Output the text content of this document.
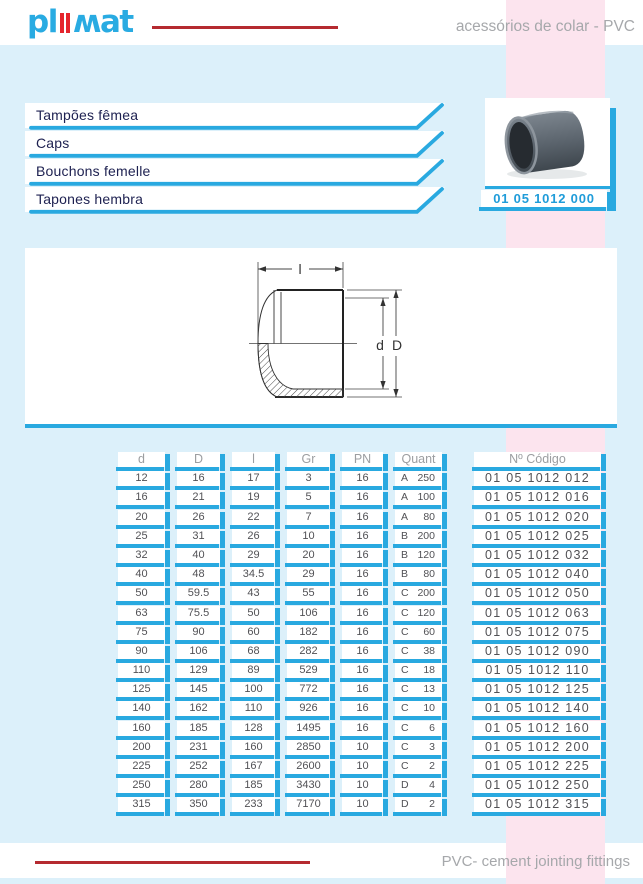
pl ʍat	acessórios de colar - PVC
Tampões fêmea
Caps
Bouchons femelle
Tapones hembra	01 05 1012 000
l
d D
d	D	l	Gr	PN	Quant	Nº Código
12	16	17	3	16	A 250	01 05 1012 012
16	21	19	5	16	A 100	01 05 1012 016
20	26	22	7	16	A 80	01 05 1012 020
25	31	26	10	16	B 200	01 05 1012 025
32	40	29	20	16	B 120	01 05 1012 032
40	48	34.5	29	16	B 80	01 05 1012 040
50	59.5	43	55	16	C 200	01 05 1012 050
63	75.5	50	106	16	C 120	01 05 1012 063
75	90	60	182	16	C 60	01 05 1012 075
90	106	68	282	16	C 38	01 05 1012 090
110	129	89	529	16	C 18	01 05 1012 110
125	145	100	772	16	C 13	01 05 1012 125
140	162	110	926	16	C 10	01 05 1012 140
160	185	128	1495	16	C 6	01 05 1012 160
200	231	160	2850	10	C 3	01 05 1012 200
225	252	167	2600	10	C 2	01 05 1012 225
250	280	185	3430	10	D 4	01 05 1012 250
315	350	233	7170	10	D 2	01 05 1012 315
PVC- cement jointing fittings
